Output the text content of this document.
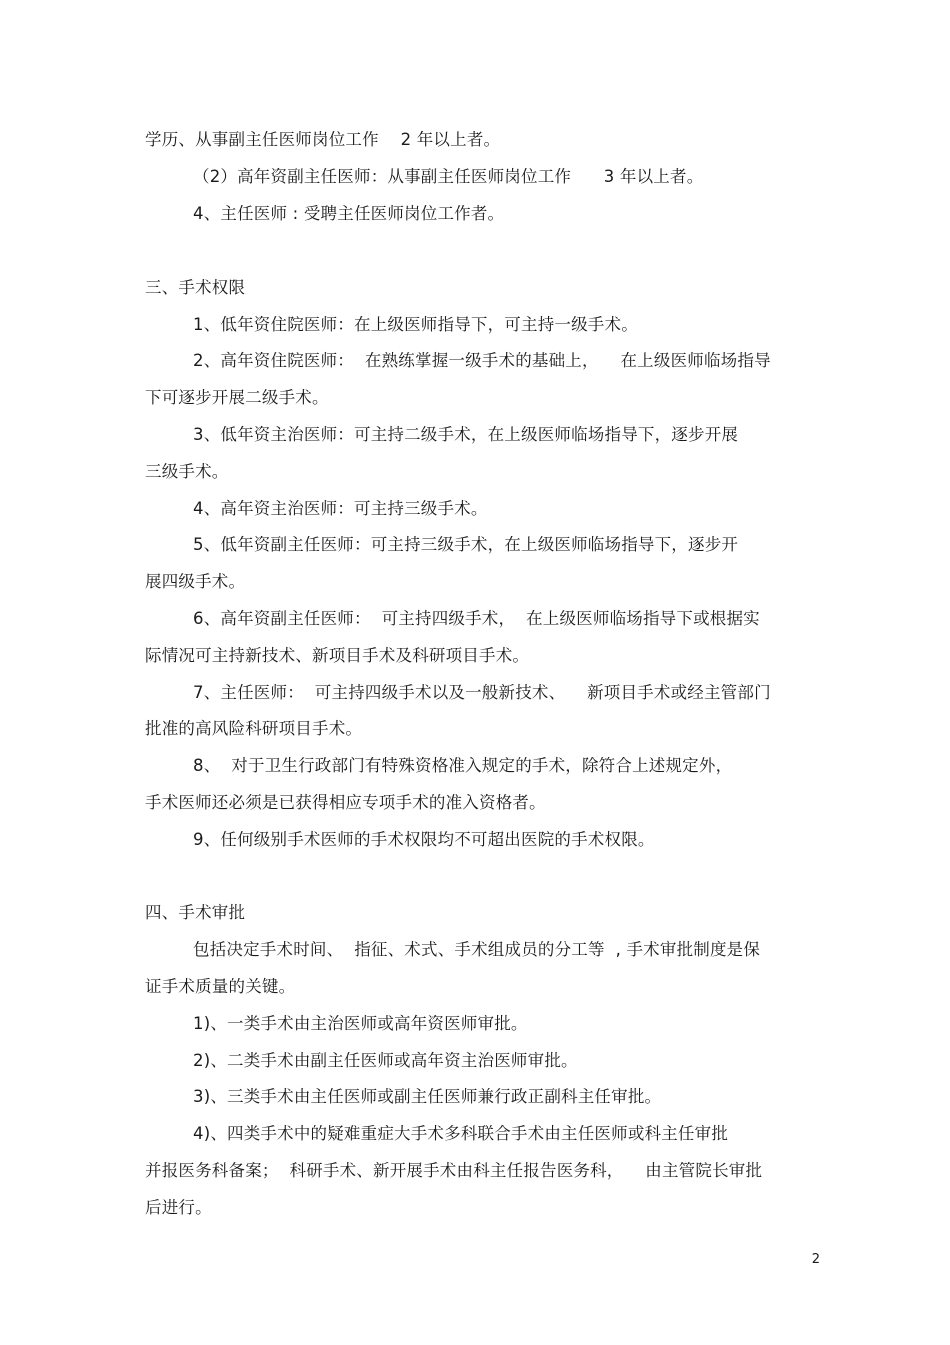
学历、从事副主任医师岗位工作    2 年以上者。
（2）高年资副主任医师：从事副主任医师岗位工作      3 年以上者。
4、主任医师 : 受聘主任医师岗位工作者。
三、手术权限
1、低年资住院医师：在上级医师指导下，可主持一级手术。
2、高年资住院医师：  在熟练掌握一级手术的基础上，    在上级医师临场指导
下可逐步开展二级手术。
3、低年资主治医师：可主持二级手术，在上级医师临场指导下，逐步开展
三级手术。
4、高年资主治医师：可主持三级手术。
5、低年资副主任医师：可主持三级手术，在上级医师临场指导下，逐步开
展四级手术。
6、高年资副主任医师：  可主持四级手术，  在上级医师临场指导下或根据实
际情况可主持新技术、新项目手术及科研项目手术。
7、主任医师：  可主持四级手术以及一般新技术、    新项目手术或经主管部门
批准的高风险科研项目手术。
8、  对于卫生行政部门有特殊资格准入规定的手术，除符合上述规定外，
手术医师还必须是已获得相应专项手术的准入资格者。
9、任何级别手术医师的手术权限均不可超出医院的手术权限。
四、手术审批
包括决定手术时间、  指征、术式、手术组成员的分工等  , 手术审批制度是保
证手术质量的关键。
1)、一类手术由主治医师或高年资医师审批。
2)、二类手术由副主任医师或高年资主治医师审批。
3)、三类手术由主任医师或副主任医师兼行政正副科主任审批。
4)、四类手术中的疑难重症大手术多科联合手术由主任医师或科主任审批
并报医务科备案；  科研手术、新开展手术由科主任报告医务科，    由主管院长审批
后进行。
2
